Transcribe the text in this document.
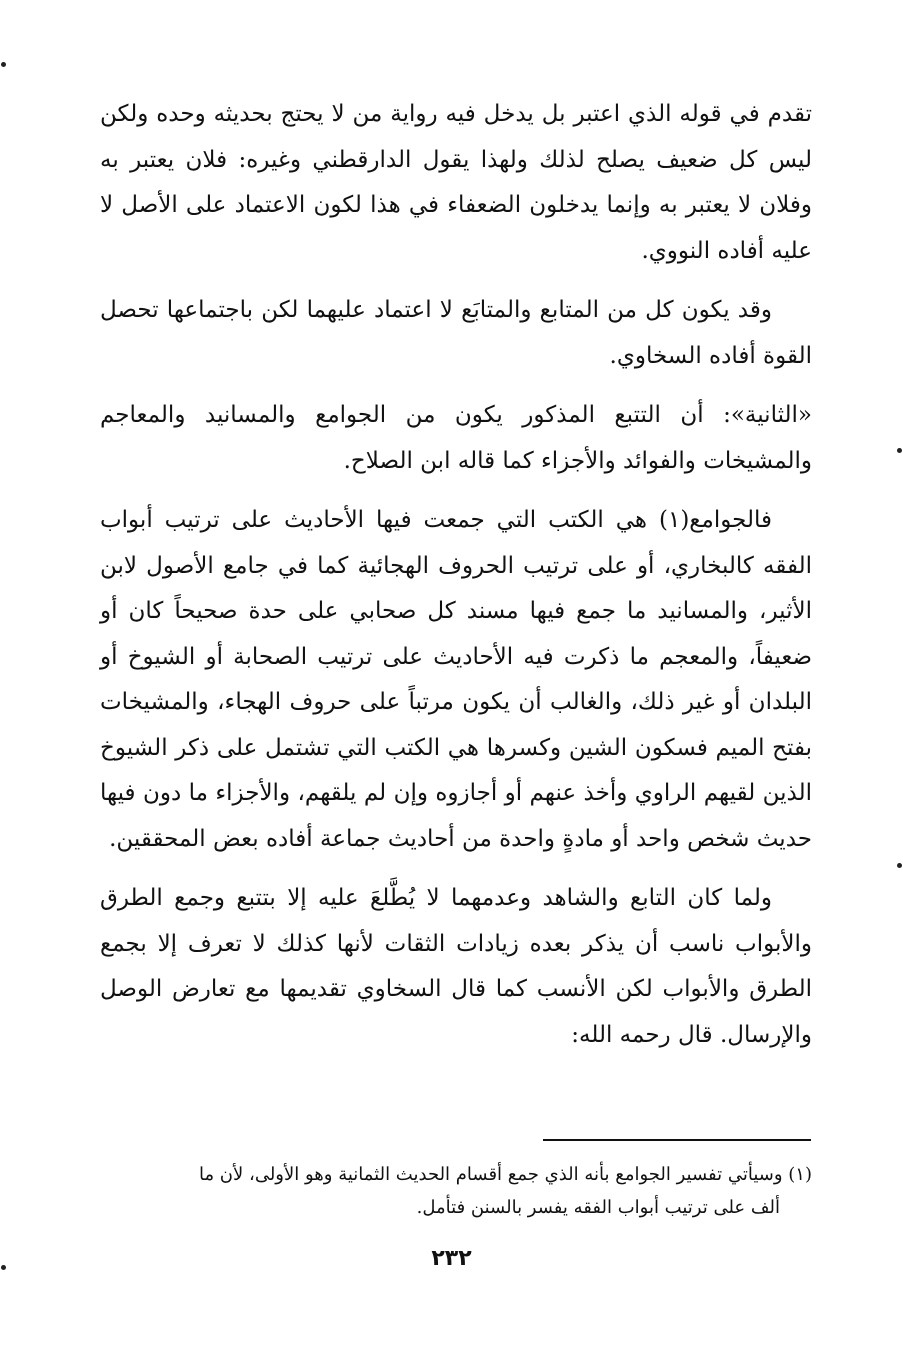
تقدم في قوله الذي اعتبر بل يدخل فيه رواية من لا يحتج بحديثه وحده ولكن ليس كل ضعيف يصلح لذلك ولهذا يقول الدارقطني وغيره: فلان يعتبر به وفلان لا يعتبر به وإنما يدخلون الضعفاء في هذا لكون الاعتماد على الأصل لا عليه أفاده النووي.

وقد يكون كل من المتابع والمتابَع لا اعتماد عليهما لكن باجتماعها تحصل القوة أفاده السخاوي.

«الثانية»: أن التتبع المذكور يكون من الجوامع والمسانيد والمعاجم والمشيخات والفوائد والأجزاء كما قاله ابن الصلاح.

فالجوامع(١) هي الكتب التي جمعت فيها الأحاديث على ترتيب أبواب الفقه كالبخاري، أو على ترتيب الحروف الهجائية كما في جامع الأصول لابن الأثير، والمسانيد ما جمع فيها مسند كل صحابي على حدة صحيحاً كان أو ضعيفاً، والمعجم ما ذكرت فيه الأحاديث على ترتيب الصحابة أو الشيوخ أو البلدان أو غير ذلك، والغالب أن يكون مرتباً على حروف الهجاء، والمشيخات بفتح الميم فسكون الشين وكسرها هي الكتب التي تشتمل على ذكر الشيوخ الذين لقيهم الراوي وأخذ عنهم أو أجازوه وإن لم يلقهم، والأجزاء ما دون فيها حديث شخص واحد أو مادةٍ واحدة من أحاديث جماعة أفاده بعض المحققين.

ولما كان التابع والشاهد وعدمهما لا يُطَّلعَ عليه إلا بتتبع وجمع الطرق والأبواب ناسب أن يذكر بعده زيادات الثقات لأنها كذلك لا تعرف إلا بجمع الطرق والأبواب لكن الأنسب كما قال السخاوي تقديمها مع تعارض الوصل والإرسال. قال رحمه الله:

(١) وسيأتي تفسير الجوامع بأنه الذي جمع أقسام الحديث الثمانية وهو الأولى، لأن ما
ألف على ترتيب أبواب الفقه يفسر بالسنن فتأمل.
٢٣٢
